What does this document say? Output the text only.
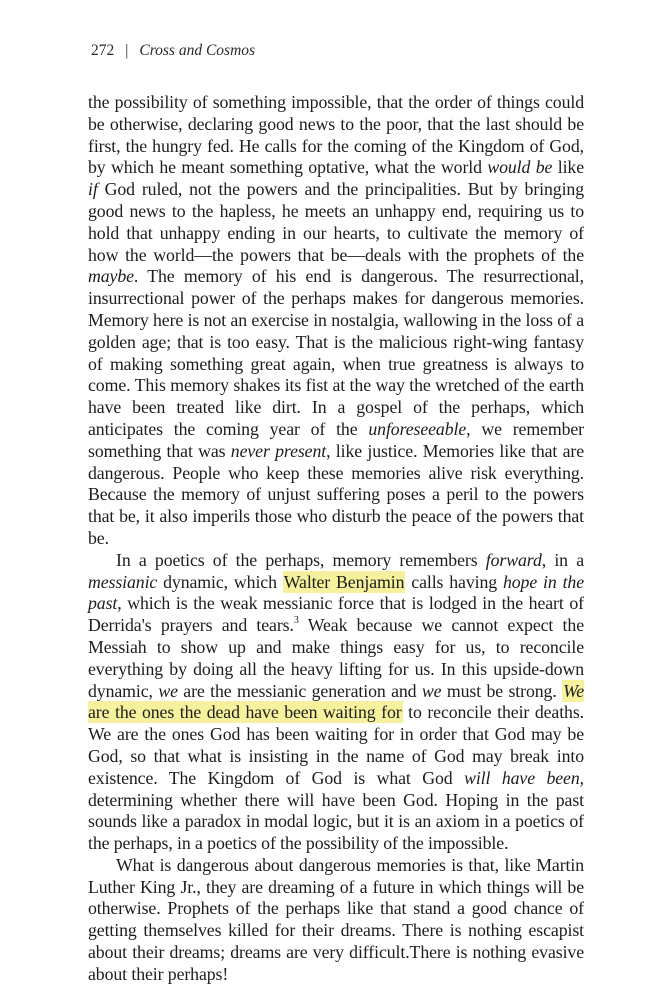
272 | Cross and Cosmos

the possibility of something impossible, that the order of things could be otherwise, declaring good news to the poor, that the last should be first, the hungry fed. He calls for the coming of the Kingdom of God, by which he meant something optative, what the world would be like if God ruled, not the powers and the principalities. But by bringing good news to the hapless, he meets an unhappy end, requiring us to hold that unhappy ending in our hearts, to cultivate the memory of how the world—the powers that be—deals with the prophets of the maybe. The memory of his end is dangerous. The resurrectional, insurrectional power of the perhaps makes for dangerous memories. Memory here is not an exercise in nostalgia, wallowing in the loss of a golden age; that is too easy. That is the malicious right-wing fantasy of making something great again, when true greatness is always to come. This memory shakes its fist at the way the wretched of the earth have been treated like dirt. In a gospel of the perhaps, which anticipates the coming year of the unforeseeable, we remember something that was never present, like justice. Memories like that are dangerous. People who keep these memories alive risk everything. Because the memory of unjust suffering poses a peril to the powers that be, it also imperils those who disturb the peace of the powers that be.

In a poetics of the perhaps, memory remembers forward, in a messianic dynamic, which Walter Benjamin calls having hope in the past, which is the weak messianic force that is lodged in the heart of Derrida's prayers and tears.$^3$ Weak because we cannot expect the Messiah to show up and make things easy for us, to reconcile everything by doing all the heavy lifting for us. In this upside-down dynamic, we are the messianic generation and we must be strong. We are the ones the dead have been waiting for to reconcile their deaths. We are the ones God has been waiting for in order that God may be God, so that what is insisting in the name of God may break into existence. The Kingdom of God is what God will have been, determining whether there will have been God. Hoping in the past sounds like a paradox in modal logic, but it is an axiom in a poetics of the perhaps, in a poetics of the possibility of the impossible.

What is dangerous about dangerous memories is that, like Martin Luther King Jr., they are dreaming of a future in which things will be otherwise. Prophets of the perhaps like that stand a good chance of getting themselves killed for their dreams. There is nothing escapist about their dreams; dreams are very difficult.There is nothing evasive about their perhaps!
